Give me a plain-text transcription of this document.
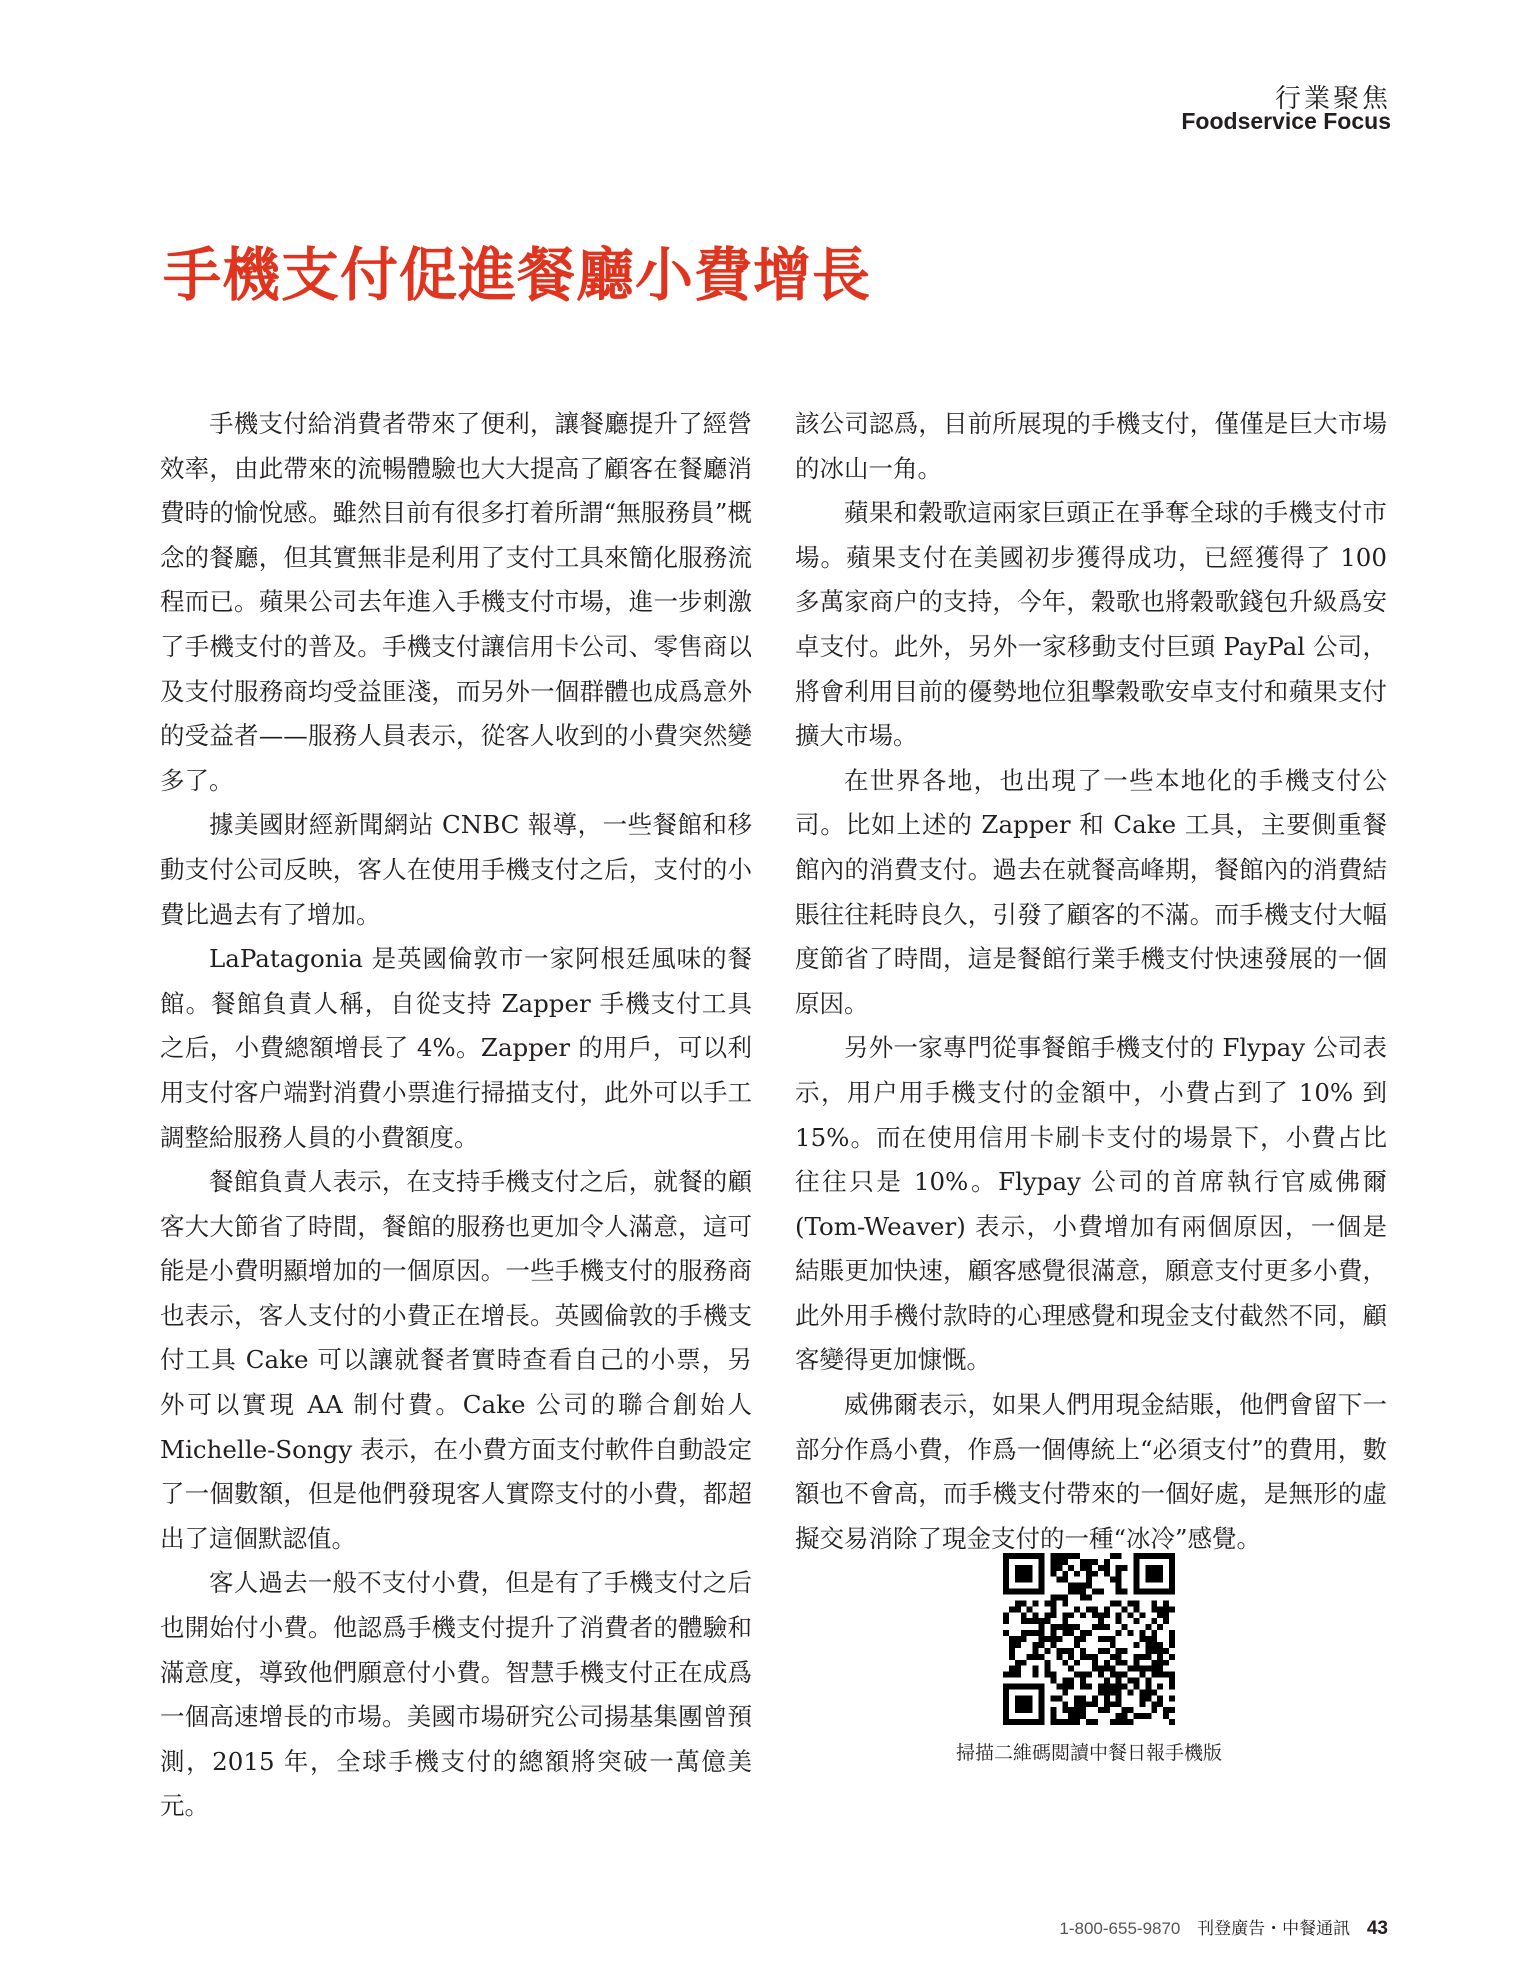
行業聚焦
Foodservice Focus
手機支付促進餐廳小費增長

手機支付給消費者帶來了便利，讓餐廳提升了經營效率，由此帶來的流暢體驗也大大提高了顧客在餐廳消費時的愉悅感。雖然目前有很多打着所謂“無服務員”概念的餐廳，但其實無非是利用了支付工具來簡化服務流程而已。蘋果公司去年進入手機支付市場，進一步刺激了手機支付的普及。手機支付讓信用卡公司、零售商以及支付服務商均受益匪淺，而另外一個群體也成爲意外的受益者——服務人員表示，從客人收到的小費突然變多了。

據美國財經新聞網站 CNBC 報導，一些餐館和移動支付公司反映，客人在使用手機支付之后，支付的小費比過去有了增加。

LaPatagonia 是英國倫敦市一家阿根廷風味的餐館。餐館負責人稱，自從支持 Zapper 手機支付工具之后，小費總額增長了 4%。Zapper 的用戶，可以利用支付客户端對消費小票進行掃描支付，此外可以手工調整給服務人員的小費額度。

餐館負責人表示，在支持手機支付之后，就餐的顧客大大節省了時間，餐館的服務也更加令人滿意，這可能是小費明顯增加的一個原因。一些手機支付的服務商也表示，客人支付的小費正在增長。英國倫敦的手機支付工具 Cake 可以讓就餐者實時查看自己的小票，另外可以實現 AA 制付費。Cake 公司的聯合創始人 Michelle-Songy 表示，在小費方面支付軟件自動設定了一個數額，但是他們發現客人實際支付的小費，都超出了這個默認值。

客人過去一般不支付小費，但是有了手機支付之后也開始付小費。他認爲手機支付提升了消費者的體驗和滿意度，導致他們願意付小費。智慧手機支付正在成爲一個高速增長的市場。美國市場研究公司揚基集團曾預測，2015 年，全球手機支付的總額將突破一萬億美元。

該公司認爲，目前所展現的手機支付，僅僅是巨大市場的冰山一角。

蘋果和穀歌這兩家巨頭正在爭奪全球的手機支付市場。蘋果支付在美國初步獲得成功，已經獲得了 100 多萬家商户的支持，今年，穀歌也將穀歌錢包升級爲安卓支付。此外，另外一家移動支付巨頭 PayPal 公司，將會利用目前的優勢地位狙擊穀歌安卓支付和蘋果支付擴大市場。

在世界各地，也出現了一些本地化的手機支付公司。比如上述的 Zapper 和 Cake 工具，主要側重餐館內的消費支付。過去在就餐高峰期，餐館內的消費結賬往往耗時良久，引發了顧客的不滿。而手機支付大幅度節省了時間，這是餐館行業手機支付快速發展的一個原因。

另外一家專門從事餐館手機支付的 Flypay 公司表示，用户用手機支付的金額中，小費占到了 10% 到 15%。而在使用信用卡刷卡支付的場景下，小費占比往往只是 10%。Flypay 公司的首席執行官威佛爾 (Tom-Weaver) 表示，小費增加有兩個原因，一個是結賬更加快速，顧客感覺很滿意，願意支付更多小費，此外用手機付款時的心理感覺和現金支付截然不同，顧客變得更加慷慨。

威佛爾表示，如果人們用現金結賬，他們會留下一部分作爲小費，作爲一個傳統上“必須支付”的費用，數額也不會高，而手機支付帶來的一個好處，是無形的虛擬交易消除了現金支付的一種“冰冷”感覺。

掃描二維碼閲讀中餐日報手機版
1-800-655-9870 刊登廣告・中餐通訊 43
